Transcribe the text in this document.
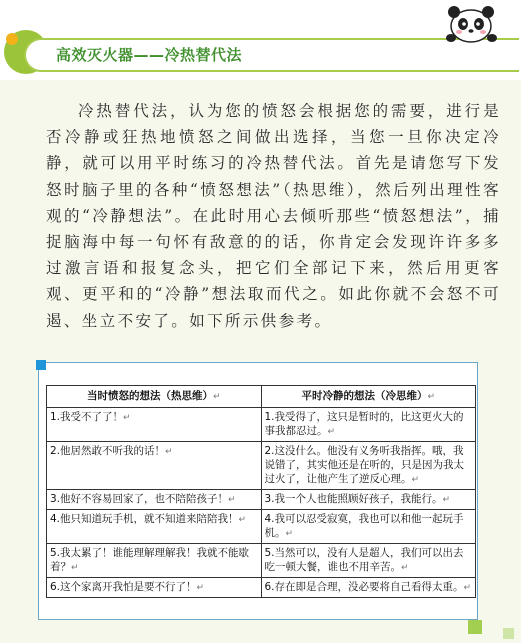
高效灭火器——冷热替代法
冷热替代法，认为您的愤怒会根据您的需要，进行是否冷静或狂热地愤怒之间做出选择，当您一旦你决定冷静，就可以用平时练习的冷热替代法。首先是请您写下发怒时脑子里的各种“愤怒想法”（热思维），然后列出理性客观的“冷静想法”。在此时用心去倾听那些“愤怒想法”，捕捉脑海中每一句怀有敌意的的话，你肯定会发现许许多多过激言语和报复念头，把它们全部记下来，然后用更客观、更平和的“冷静”想法取而代之。如此你就不会怒不可遏、坐立不安了。如下所示供参考。
当时愤怒的想法（热思维）↵	平时冷静的想法（冷思维）↵
1.我受不了了！↵	1.我受得了，这只是暂时的，比这更火大的事我都忍过。↵
2.他居然敢不听我的话！↵	2.这没什么。他没有义务听我指挥。哦，我说错了，其实他还是在听的，只是因为我太过火了，让他产生了逆反心理。↵
3.他好不容易回家了，也不陪陪孩子！↵	3.我一个人也能照顾好孩子，我能行。↵
4.他只知道玩手机，就不知道来陪陪我！↵	4.我可以忍受寂寞，我也可以和他一起玩手机。↵
5.我太累了！谁能理解理解我！我就不能歇着？↵	5.当然可以，没有人是超人，我们可以出去吃一顿大餐，谁也不用辛苦。↵
6.这个家离开我怕是要不行了！↵	6.存在即是合理，没必要将自己看得太重。↵
